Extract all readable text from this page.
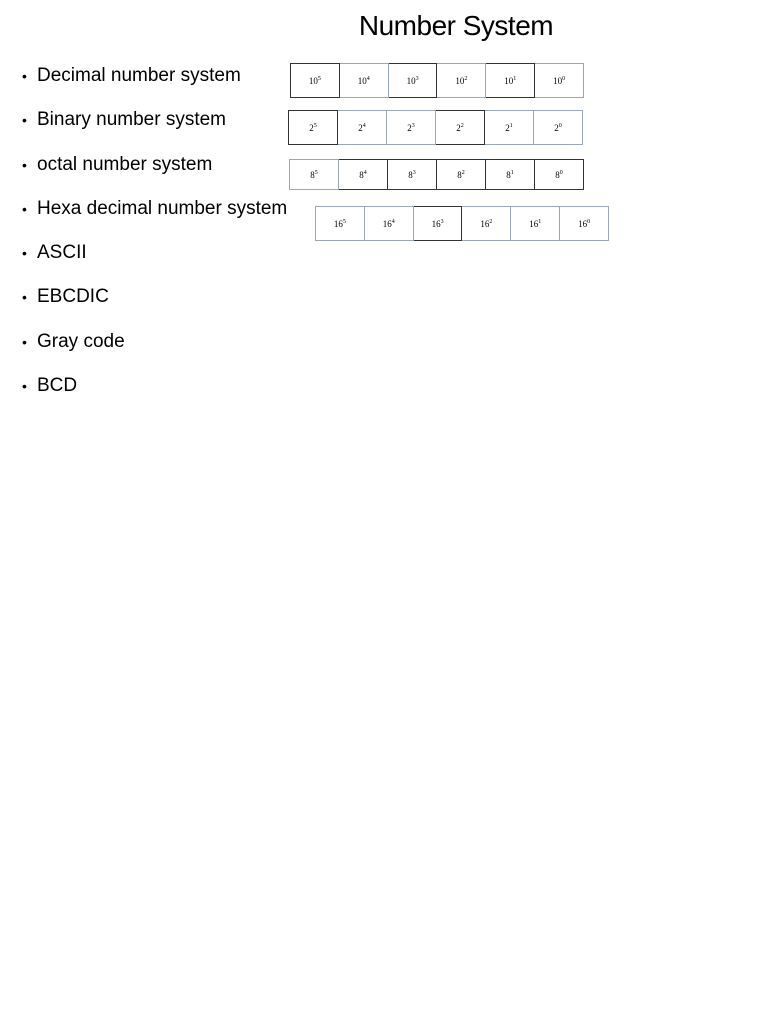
Number System
• Decimal number system
• Binary number system
• octal number system
• Hexa decimal number system
• ASCII
• EBCDIC
• Gray code
• BCD
$10^5$	$10^4$	$10^3$	$10^2$	$10^1$	$10^0$
$2^5$	$2^4$	$2^3$	$2^2$	$2^1$	$2^0$
$8^5$	$8^4$	$8^3$	$8^2$	$8^1$	$8^0$
$16^5$	$16^4$	$16^3$	$16^2$	$16^1$	$16^0$
